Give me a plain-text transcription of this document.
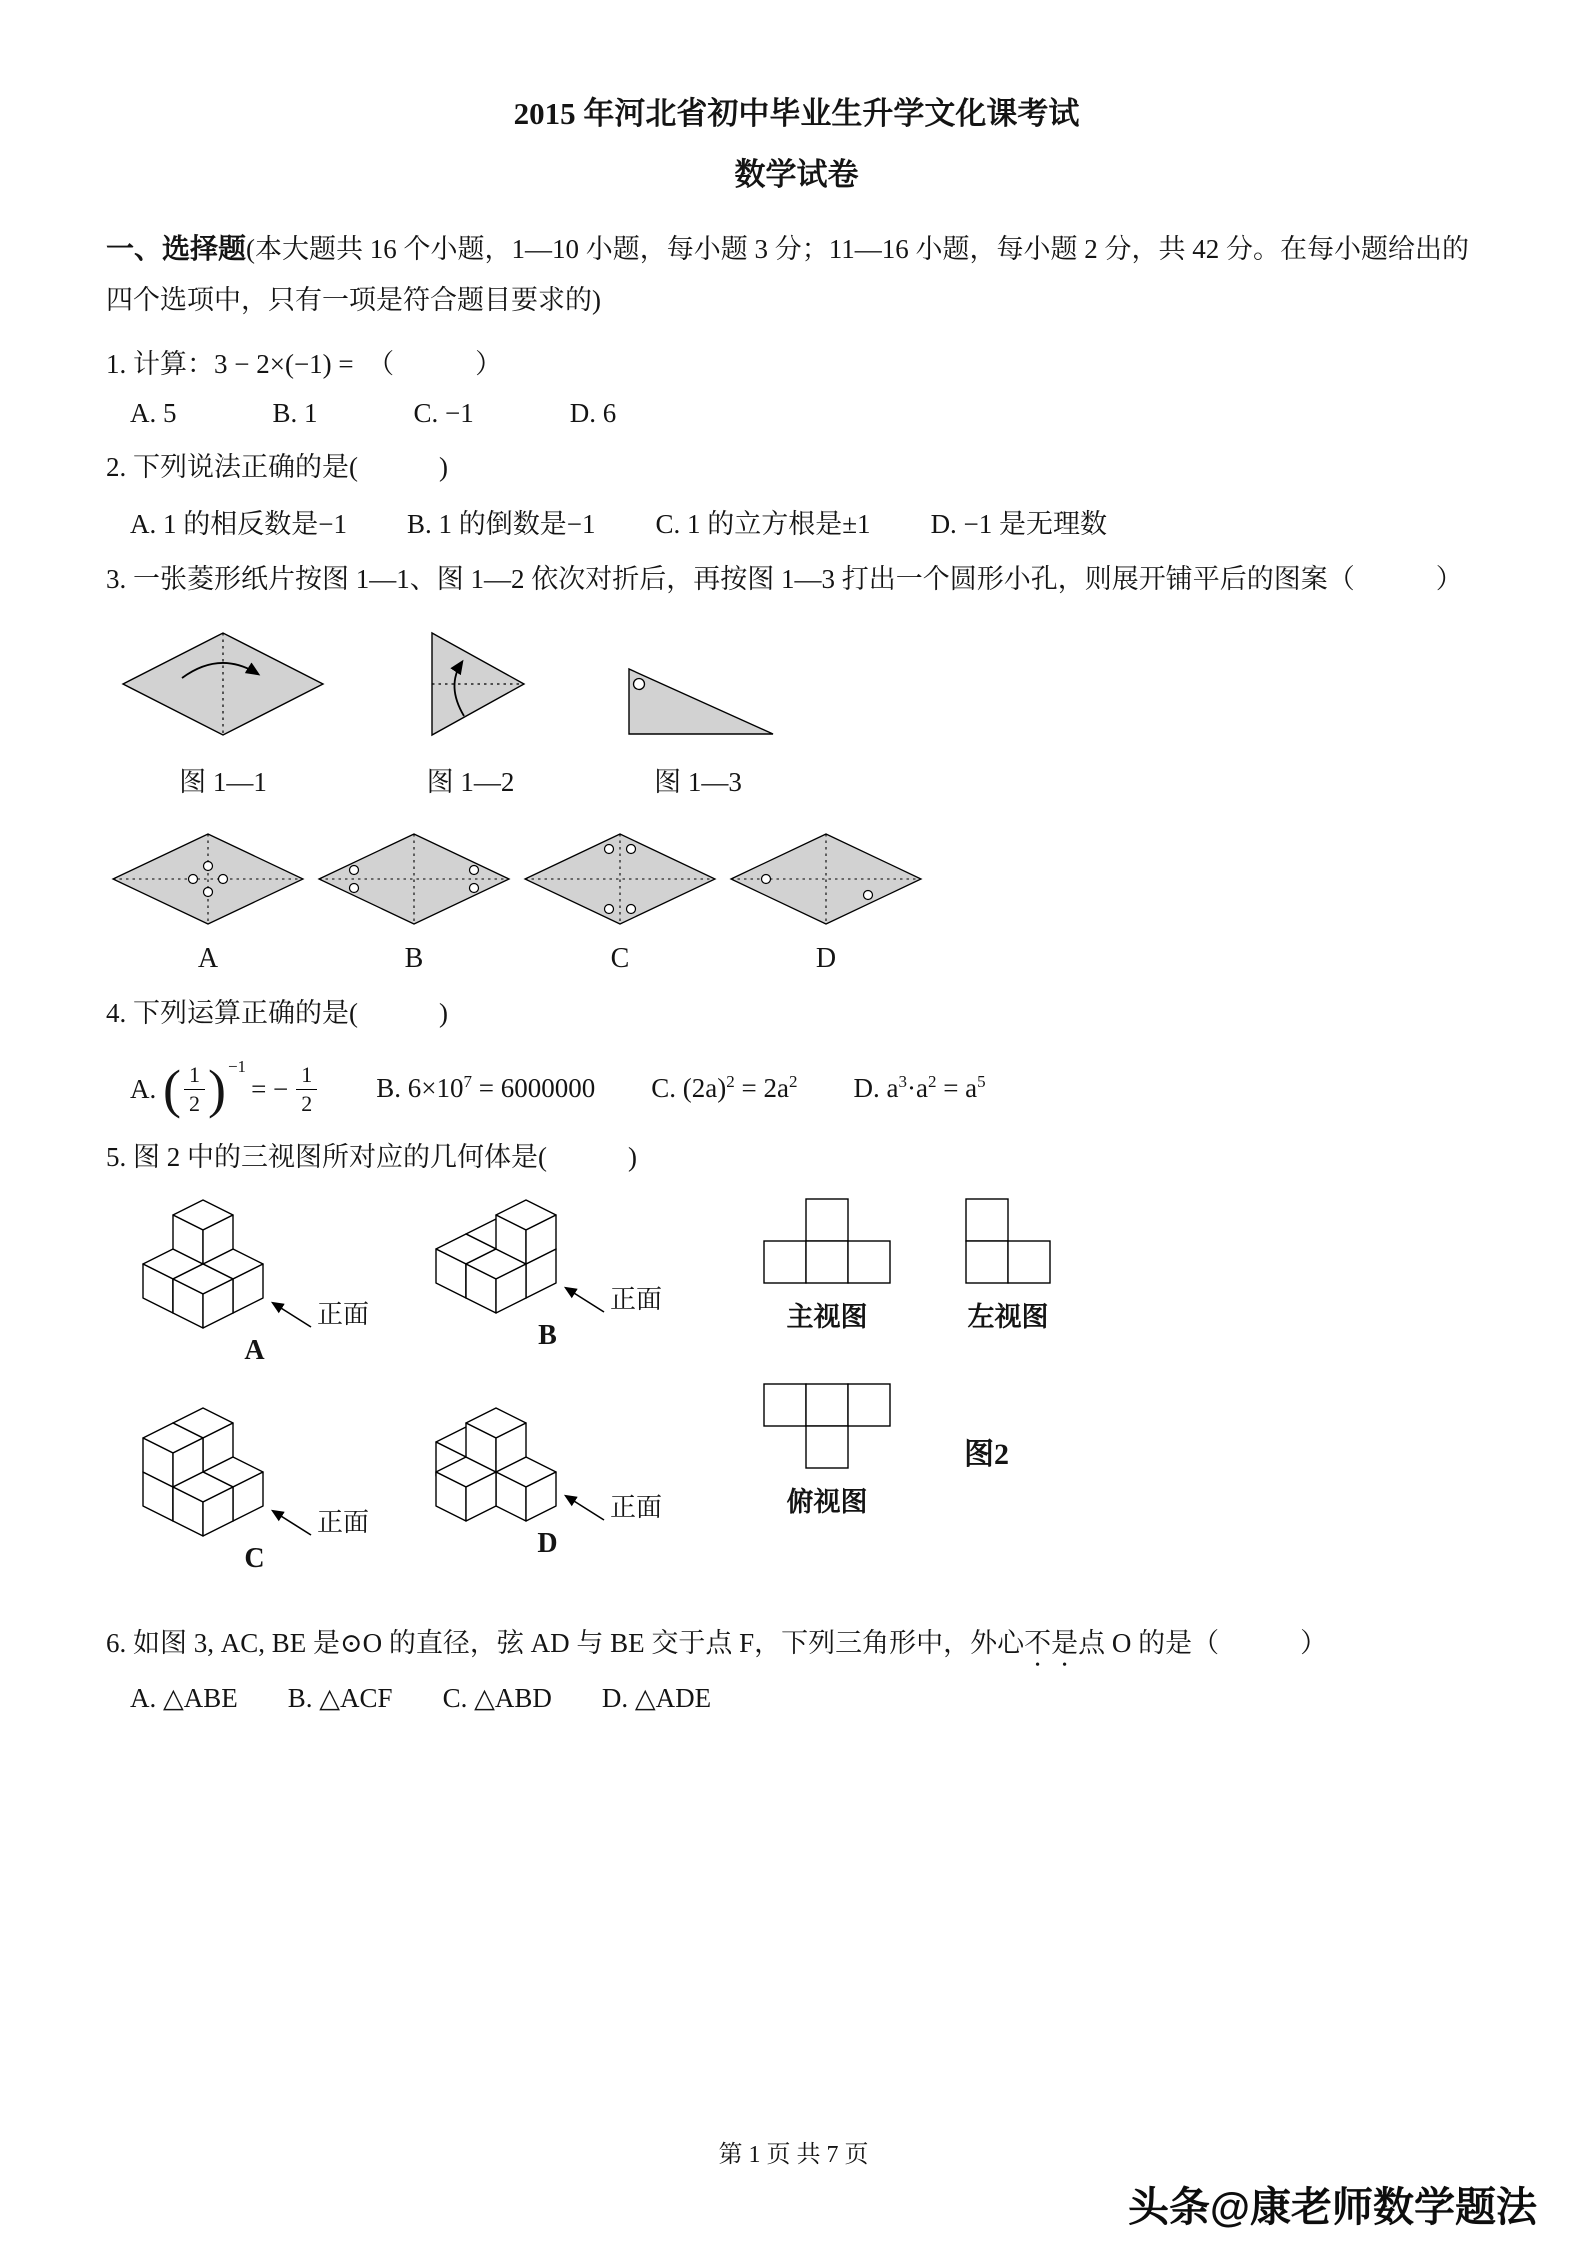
2015 年河北省初中毕业生升学文化课考试
数学试卷

一、选择题(本大题共 16 个小题，1—10 小题，每小题 3 分；11—16 小题，每小题 2 分，共 42 分。在每小题给出的四个选项中，只有一项是符合题目要求的)

1. 计算：3 − 2×(−1) =　（　　　）

A. 5	B. 1	C. −1	D. 6

2. 下列说法正确的是(　　　)

A. 1 的相反数是−1 B. 1 的倒数是−1 C. 1 的立方根是±1 D. −1 是无理数

3. 一张菱形纸片按图 1—1、图 1—2 依次对折后，再按图 1—3 打出一个圆形小孔，则展开铺平后的图案（　　　）

图 1—1	图 1—2	图 1—3
A	B	C	D

4. 下列运算正确的是(　　　)

A. ( $\frac{1}{2}$ ) $^{-1}= - \frac{1}{2} B$. $6\times 10^7 = 6000000$ C. $(2a)^2 = 2a^2$ D. $a^3\cdot a^2 = a^5$

5. 图 2 中的三视图所对应的几何体是(　　　)

正面
A
正面
B
正面
C
正面
D
主视图	左视图
俯视图
图2

6. 如图 3, AC, BE 是⊙O 的直径，弦 AD 与 BE 交于点 F，下列三角形中，外心不是点 O 的是（　　　）

A. △ABE B. △ACF C. △ABD D. △ADE
第 1 页 共 7 页
头条@康老师数学题法
